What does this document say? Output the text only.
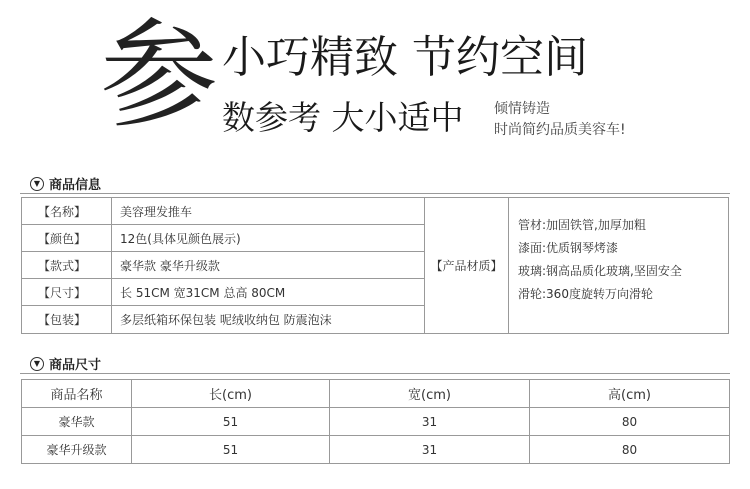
参 小巧精致 节约空间
数参考 大小适中 倾情铸造
时尚简约品质美容车!
▼ 商品信息
【名称】	美容理发推车
【颜色】	12色(具体见颜色展示)
【款式】	豪华款 豪华升级款
【尺寸】	长 51CM 宽31CM 总高 80CM
【包装】	多层纸箱环保包装 呢绒收纳包 防震泡沫
【产品材质】
管材:加固铁管,加厚加粗
漆面:优质钢琴烤漆
玻璃:钢高品质化玻璃,坚固安全
滑轮:360度旋转万向滑轮
▼ 商品尺寸
商品名称	长(cm)	宽(cm)	高(cm)
豪华款	51	31	80
豪华升级款	51	31	80
